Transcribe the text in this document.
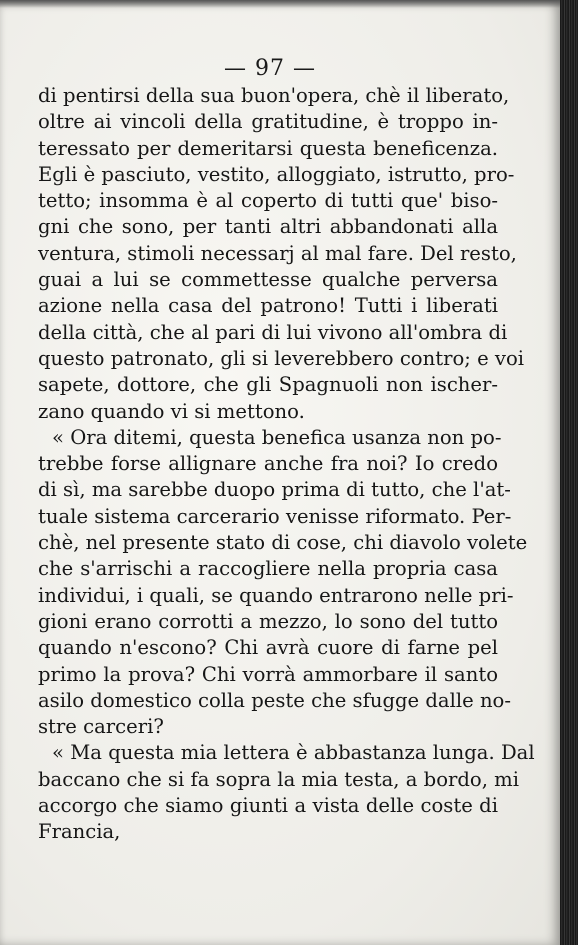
— 97 —
di pentirsi della sua buon'opera, chè il liberato,
oltre ai vincoli della gratitudine, è troppo in-
teressato per demeritarsi questa beneficenza.
Egli è pasciuto, vestito, alloggiato, istrutto, pro-
tetto; insomma è al coperto di tutti que' biso-
gni che sono, per tanti altri abbandonati alla
ventura, stimoli necessarj al mal fare. Del resto,
guai a lui se commettesse qualche perversa
azione nella casa del patrono! Tutti i liberati
della città, che al pari di lui vivono all'ombra di
questo patronato, gli si leverebbero contro; e voi
sapete, dottore, che gli Spagnuoli non ischer-
zano quando vi si mettono.
« Ora ditemi, questa benefica usanza non po-
trebbe forse allignare anche fra noi? Io credo
di sì, ma sarebbe duopo prima di tutto, che l'at-
tuale sistema carcerario venisse riformato. Per-
chè, nel presente stato di cose, chi diavolo volete
che s'arrischi a raccogliere nella propria casa
individui, i quali, se quando entrarono nelle pri-
gioni erano corrotti a mezzo, lo sono del tutto
quando n'escono? Chi avrà cuore di farne pel
primo la prova? Chi vorrà ammorbare il santo
asilo domestico colla peste che sfugge dalle no-
stre carceri?
« Ma questa mia lettera è abbastanza lunga. Dal
baccano che si fa sopra la mia testa, a bordo, mi
accorgo che siamo giunti a vista delle coste di
Francia,
